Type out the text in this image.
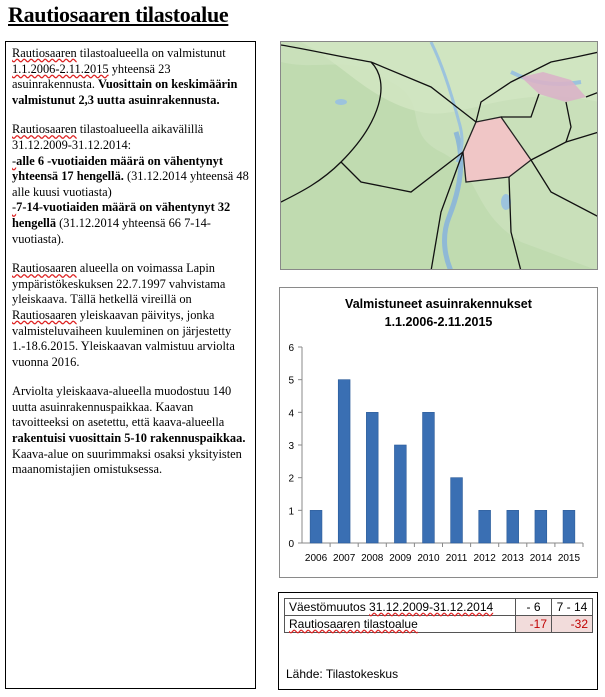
Rautiosaaren tilastoalue

Rautiosaaren tilastoalueella on valmistunut 1.1.2006-2.11.2015 yhteensä 23 asuinrakennusta. Vuosittain on keskimäärin valmistunut 2,3 uutta asuinrakennusta.

Rautiosaaren tilastoalueella aikavälillä 31.12.2009-31.12.2014:
-alle 6 -vuotiaiden määrä on vähentynyt yhteensä 17 hengellä. (31.12.2014 yhteensä 48 alle kuusi vuotiasta)
-7-14-vuotiaiden määrä on vähentynyt 32 hengellä (31.12.2014 yhteensä 66 7-14-vuotiasta).

Rautiosaaren alueella on voimassa Lapin ympäristökeskuksen 22.7.1997 vahvistama yleiskaava. Tällä hetkellä vireillä on Rautiosaaren yleiskaavan päivitys, jonka valmisteluvaiheen kuuleminen on järjestetty 1.-18.6.2015. Yleiskaavan valmistuu arviolta vuonna 2016.

Arviolta yleiskaava-alueella muodostuu 140 uutta asuinrakennuspaikkaa. Kaavan tavoitteeksi on asetettu, että kaava-alueella rakentuisi vuosittain 5-10 rakennuspaikkaa. Kaava-alue on suurimmaksi osaksi yksityisten maanomistajien omistuksessa.

Valmistuneet asuinrakennukset
1.1.2006-2.11.2015
0
1
2
3
4
5
6
2006 2007 2008 2009 2010 2011 2012 2013 2014 2015
Väestömuutos 31.12.2009-31.12.2014	- 6	7 - 14
Rautiosaaren tilastoalue	-17	-32
Lähde: Tilastokeskus
